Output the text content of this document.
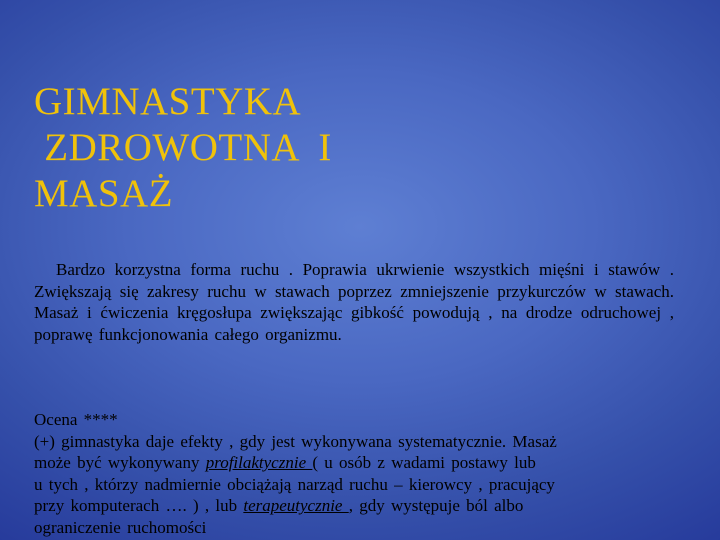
GIMNASTYKA
ZDROWOTNA  I
MASAŻ

Bardzo korzystna forma ruchu . Poprawia ukrwienie wszystkich mięśni i stawów . Zwiększają się zakresy ruchu w stawach poprzez zmniejszenie przykurczów w stawach. Masaż i ćwiczenia kręgosłupa zwiększając gibkość powodują , na drodze odruchowej , poprawę funkcjonowania całego organizmu.

Ocena ****
(+) gimnastyka daje efekty , gdy jest wykonywana systematycznie. Masaż
może być wykonywany profilaktycznie ( u osób z wadami postawy lub
u tych , którzy nadmiernie obciążają narząd ruchu – kierowcy , pracujący
przy komputerach …. ) , lub terapeutycznie , gdy występuje ból albo
ograniczenie ruchomości
